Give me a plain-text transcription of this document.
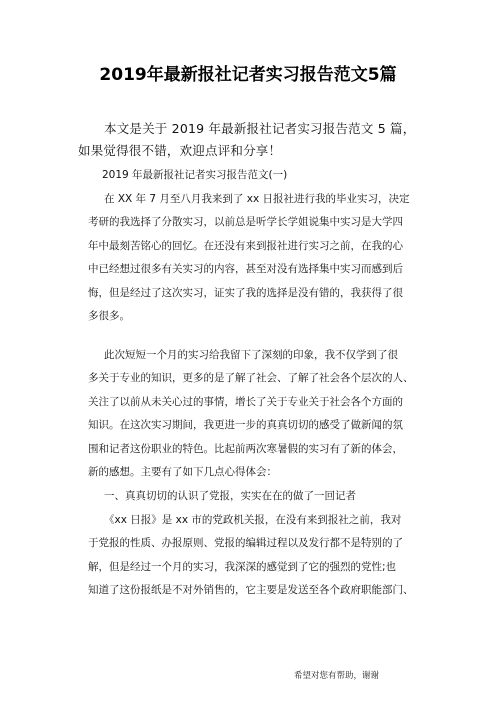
2019年最新报社记者实习报告范文5篇
本文是关于 2019 年最新报社记者实习报告范文 5 篇，
如果觉得很不错，欢迎点评和分享！
2019 年最新报社记者实习报告范文(一)
在 XX 年 7 月至八月我来到了 xx 日报社进行我的毕业实习，决定
考研的我选择了分散实习，以前总是听学长学姐说集中实习是大学四
年中最刻苦铭心的回忆。在还没有来到报社进行实习之前，在我的心
中已经想过很多有关实习的内容，甚至对没有选择集中实习而感到后
悔，但是经过了这次实习，证实了我的选择是没有错的，我获得了很
多很多。
此次短短一个月的实习给我留下了深刻的印象，我不仅学到了很
多关于专业的知识，更多的是了解了社会、了解了社会各个层次的人、
关注了以前从未关心过的事情，增长了关于专业关于社会各个方面的
知识。在这次实习期间，我更进一步的真真切切的感受了做新闻的氛
围和记者这份职业的特色。比起前两次寒暑假的实习有了新的体会，
新的感想。主要有了如下几点心得体会：
一、真真切切的认识了党报，实实在在的做了一回记者
《xx 日报》是 xx 市的党政机关报，在没有来到报社之前，我对
于党报的性质、办报原则、党报的编辑过程以及发行都不是特别的了
解，但是经过一个月的实习，我深深的感觉到了它的强烈的党性;也
知道了这份报纸是不对外销售的，它主要是发送至各个政府职能部门、
希望对您有帮助，谢谢
